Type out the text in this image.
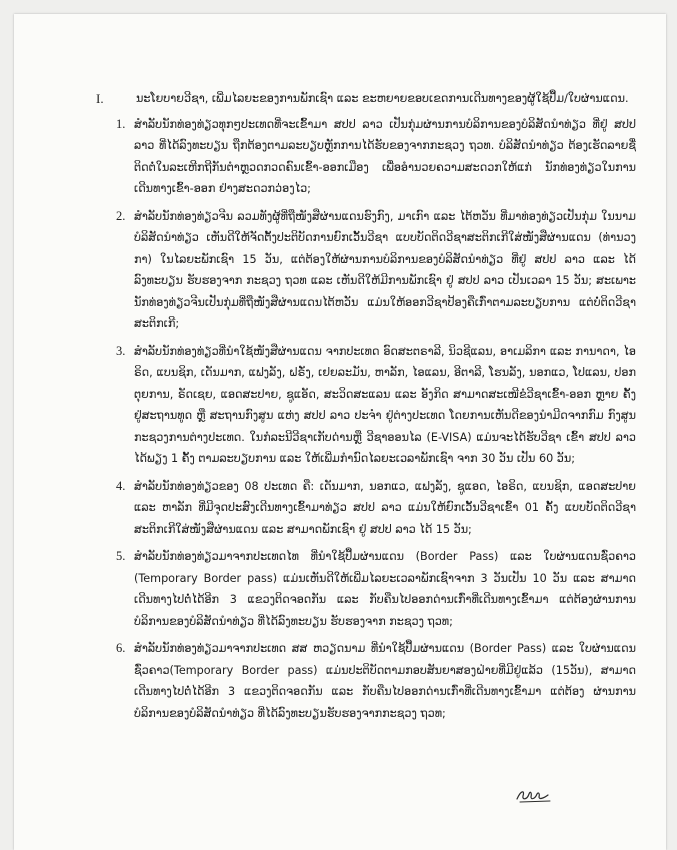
I.	ນະໂຍບາຍວີຊາ, ເພີ່ມໄລຍະຂອງການພັກເຊົາ ແລະ ຂະຫຍາຍຂອບເຂດການເດີນທາງຂອງຜູ້ໃຊ້ປຶ້ມ/ໃບຜ່ານແດນ.
1. ສຳລັບນັກທ່ອງທ່ຽວທຸກໆປະເທດທີ່ຈະເຂົ້າມາ ສປປ ລາວ ເປັນກຸ່ມຜ່ານການບໍລິການຂອງບໍລິສັດນຳທ່ຽວ ທີ່ຢູ່ ສປປ ລາວ ທີ່ໄດ້ລົງທະບຽນ ຖືກຕ້ອງຕາມລະບຽບຫຼັກການໄດ້ຮັບຂອງຈາກກະຊວງ ຖວທ. ບໍລິສັດນຳທ່ຽວ ຕ້ອງເຮັດລາຍຊື່ຕິດຕໍ່ໃນລະເຫີກຖີກັນຕຳຫຼວດກວດຄົນເຂົ້າ-ອອກເມືອງ ເພື່ອອຳນວຍຄວາມສະດວກໃຫ້ແກ່ ນັກທ່ອງທ່ຽວໃນການເດີນທາງເຂົ້າ-ອອກ ຢ່າງສະດວກວ່ອງໄວ;
2. ສຳລັບນັກທ່ອງທ່ຽວຈີນ ລວມທັງຜູ້ທີ່ຖືໜັງສືຜ່ານແດນຮົງກົງ, ມາເກົາ ແລະ ໄຕ້ຫວັນ ທີ່ມາທ່ອງທ່ຽວເປັນກຸ່ມ ໃນນາມບໍລິສັດນຳທ່ຽວ ເຫັນດີໃຫ້ຈັດຕັ້ງປະຕິບັດການຍົກເວັ້ນວີຊາ ແບບບັດຕິດວີຊາສະຕິກເກີໃສ່ໜັງສືຜ່ານແດນ (ທ່ານວງກາ) ໃນໄລຍະພັກເຊົາ 15 ວັນ, ແຕ່ຕ້ອງໃຫ້ຜ່ານການບໍລິການຂອງບໍລິສັດນຳທ່ຽວ ທີ່ຢູ່ ສປປ ລາວ ແລະ ໄດ້ລົງທະບຽນ ຮັບຮອງຈາກ ກະຊວງ ຖວທ ແລະ ເຫັນດີໃຫ້ມີການພັກເຊົາ ຢູ່ ສປປ ລາວ ເປັນເວລາ 15 ວັນ; ສະເພາະນັກທ່ອງທ່ຽວຈີນເປັນກຸ່ມທີ່ຖືໜັງສືຜ່ານແດນໄຕ້ຫວັນ ແມ່ນໃຫ້ອອກວີຊາປ້ອງຄືເກົ່າຕາມລະບຽບການ ແຕ່ບໍ່ຕິດວີຊາສະຕິກເກີ;
3. ສຳລັບນັກທ່ອງທ່ຽວທີ່ນຳໃຊ້ໜັງສືຜ່ານແດນ ຈາກປະເທດ ອົດສະຕຣາລີ, ນິວຊີແລນ, ອາເມລິກາ ແລະ ການາດາ, ໄອຣິດ, ແບນຊິກ, ເດັນມາກ, ແຟງລັງ, ຝຣັ່ງ, ເຢຍລະມັນ, ຫາລັກ, ໄອແລນ, ອີຕາລີ, ໂຮນລັງ, ນອກແວ, ໂປແລນ, ປອກຕຸຍການ, ຣັດເຊຍ, ແອດສະປາຍ, ຊູແອັດ, ສະວິດສະແລນ ແລະ ອັງກິດ ສາມາດສະເໜີຂໍວີຊາເຂົ້າ-ອອກ ຫຼາຍ ຄັ້ງ ຢູ່ສະຖານທູດ ຫຼື ສະຖານກົງສູນ ແຫ່ງ ສປປ ລາວ ປະຈຳ ຢູ່ຕ່າງປະເທດ ໂດຍການເຫັນດີຂອງນຳມີດຈາກກົມ ກົງສູນ ກະຊວງການຕ່າງປະເທດ. ໃນກໍລະນີວີຊາເກັບດ່ານຫຼື ວີຊາອອນໄລ (E-VISA) ແມ່ນຈະໄດ້ຮັບວີຊາ ເຂົ້າ ສປປ ລາວ ໄດ້ພຽງ 1 ຄັ້ງ ຕາມລະບຽບການ ແລະ ໃຫ້ເພີ່ມກຳນົດໄລຍະເວລາພັກເຊົາ ຈາກ 30 ວັນ ເປັນ 60 ວັນ;
4. ສຳລັບນັກທ່ອງທ່ຽວຂອງ 08 ປະເທດ ຄື: ເດັນມາກ, ນອກແວ, ແຟງລັງ, ຊູແອດ, ໄອຣິດ, ແບນຊິກ, ແອດສະປາຍ ແລະ ຫາລັກ ທີ່ມີຈຸດປະສົງເດີນທາງເຂົ້າມາທ່ຽວ ສປປ ລາວ ແມ່ນໃຫ້ຍົກເວັ້ນວີຊາເຂົ້າ 01 ຄັ້ງ ແບບບັດຕິດວີຊາ ສະຕິກເກີໃສ່ໜັງສືຜ່ານແດນ ແລະ ສາມາດພັກເຊົາ ຢູ່ ສປປ ລາວ ໄດ້ 15 ວັນ;
5. ສຳລັບນັກທ່ອງທ່ຽວມາຈາກປະເທດໄທ ທີ່ນຳໃຊ້ປຶ້ມຜ່ານແດນ (Border Pass) ແລະ ໃບຜ່ານແດນຊົ່ວຄາວ (Temporary Border pass) ແມ່ນເຫັນດີໃຫ້ເພີ່ມໄລຍະເວລາພັກເຊົາຈາກ 3 ວັນເປັນ 10 ວັນ ແລະ ສາມາດ ເດີນທາງໄປຕໍ່ໄດ້ອີກ 3 ແຂວງຕິດຈອດກັນ ແລະ ກັບຄືນໄປອອກດ່ານເກົ່າທີ່ເດີນທາງເຂົ້າມາ ແຕ່ຕ້ອງຜ່ານການ ບໍລິການຂອງບໍລິສັດນຳທ່ຽວ ທີ່ໄດ້ລົງທະບຽນ ຮັບຮອງຈາກ ກະຊວງ ຖວທ;
6. ສຳລັບນັກທ່ອງທ່ຽວມາຈາກປະເທດ ສສ ຫວຽດນາມ ທີ່ນຳໃຊ້ປຶ້ມຜ່ານແດນ (Border Pass) ແລະ ໃບຜ່ານແດນຊົ່ວຄາວ(Temporary Border pass) ແມ່ນປະຕິບັດຕາມກອບສັນຍາສອງຝ່າຍທີ່ມີຢູ່ແລ້ວ (15ວັນ), ສາມາດເດີນທາງໄປຕໍ່ໄດ້ອີກ 3 ແຂວງຕິດຈອດກັນ ແລະ ກັບຄືນໄປອອກດ່ານເກົ່າທີ່ເດີນທາງເຂົ້າມາ ແຕ່ຕ້ອງ ຜ່ານການບໍລິການຂອງບໍລິສັດນຳທ່ຽວ ທີ່ໄດ້ລົງທະບຽນຮັບຮອງຈາກກະຊວງ ຖວທ;
